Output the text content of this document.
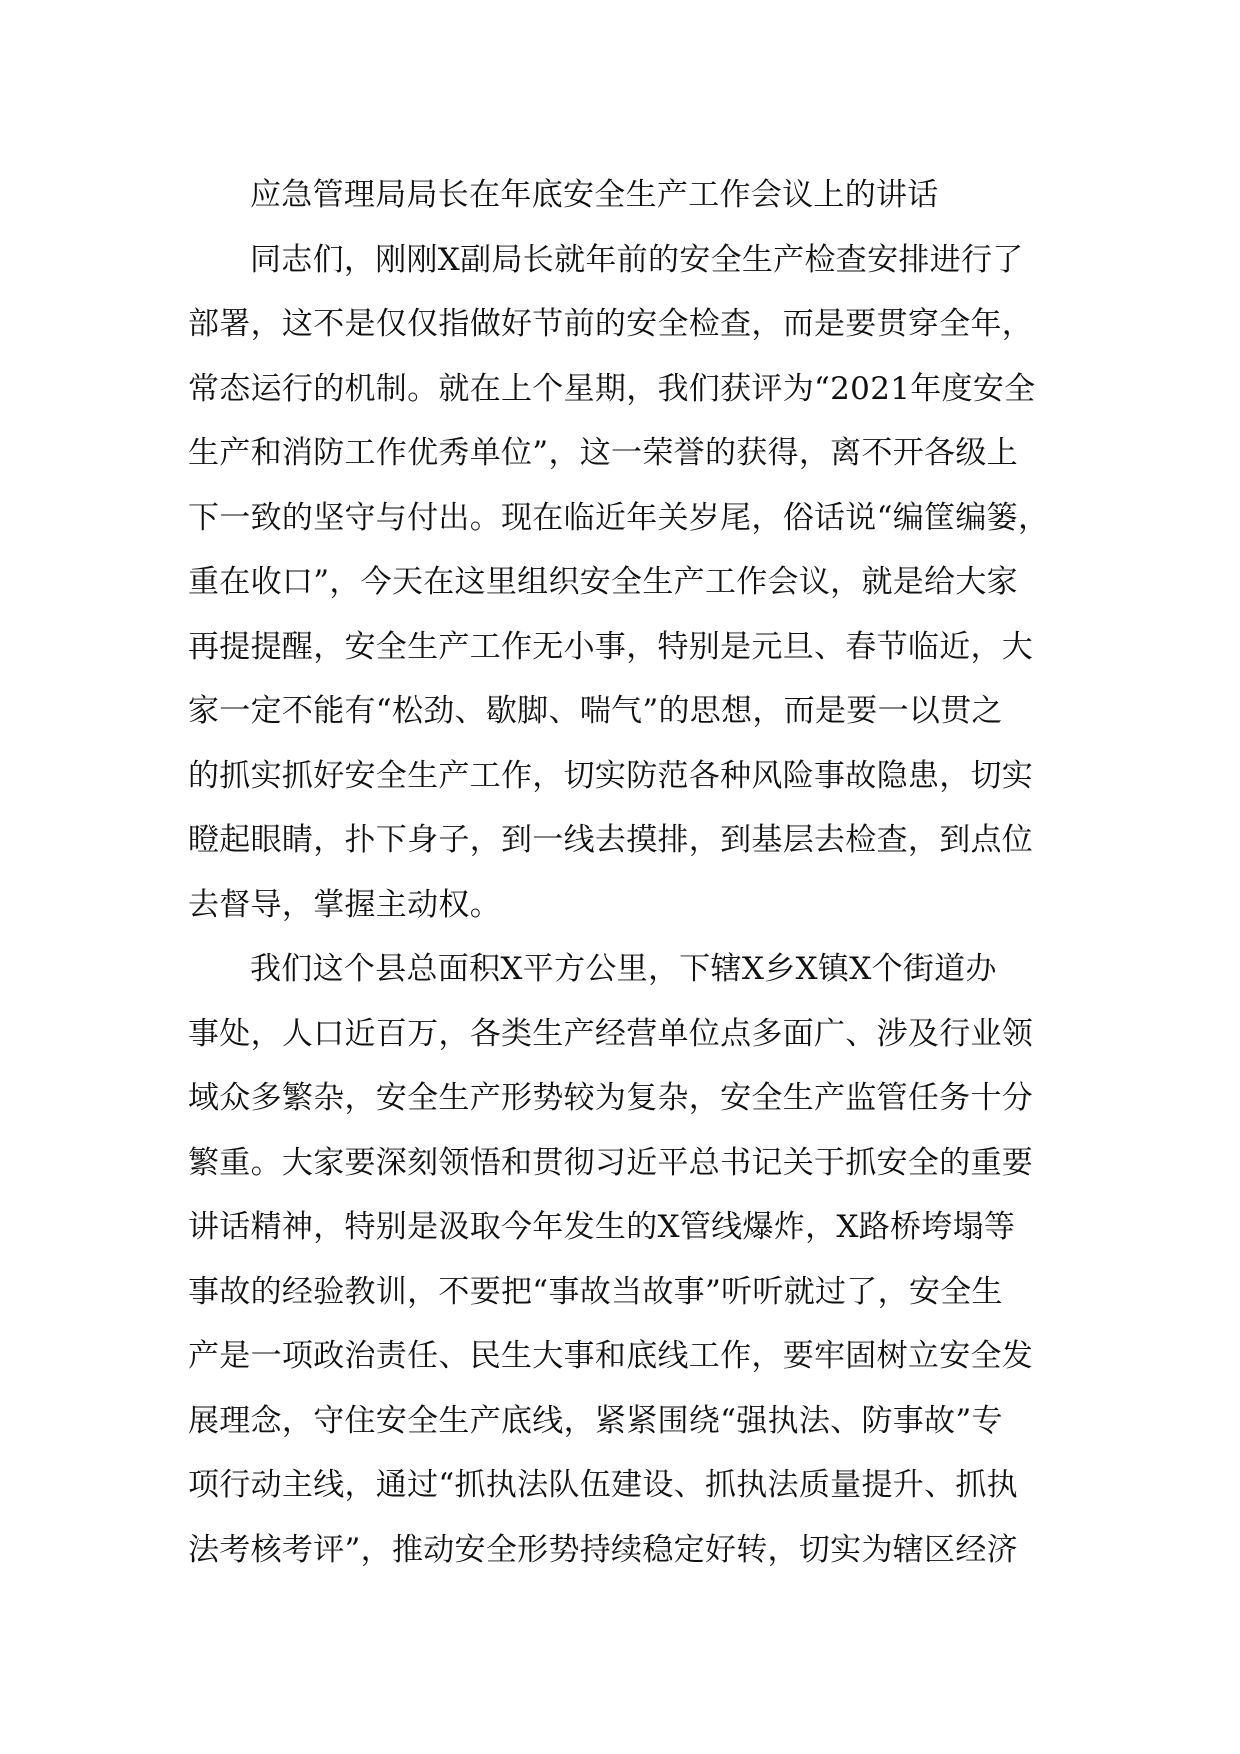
应急管理局局长在年底安全生产工作会议上的讲话

同志们，刚刚X副局长就年前的安全生产检查安排进行了
部署，这不是仅仅指做好节前的安全检查，而是要贯穿全年，
常态运行的机制。就在上个星期，我们获评为“2021年度安全
生产和消防工作优秀单位”，这一荣誉的获得，离不开各级上
下一致的坚守与付出。现在临近年关岁尾，俗话说“编筐编篓，
重在收口”，今天在这里组织安全生产工作会议，就是给大家
再提提醒，安全生产工作无小事，特别是元旦、春节临近，大
家一定不能有“松劲、歇脚、喘气”的思想，而是要一以贯之
的抓实抓好安全生产工作，切实防范各种风险事故隐患，切实
瞪起眼睛，扑下身子，到一线去摸排，到基层去检查，到点位
去督导，掌握主动权。

我们这个县总面积X平方公里，下辖X乡X镇X个街道办
事处，人口近百万，各类生产经营单位点多面广、涉及行业领
域众多繁杂，安全生产形势较为复杂，安全生产监管任务十分
繁重。大家要深刻领悟和贯彻习近平总书记关于抓安全的重要
讲话精神，特别是汲取今年发生的X管线爆炸，X路桥垮塌等
事故的经验教训，不要把“事故当故事”听听就过了，安全生
产是一项政治责任、民生大事和底线工作，要牢固树立安全发
展理念，守住安全生产底线，紧紧围绕“强执法、防事故”专
项行动主线，通过“抓执法队伍建设、抓执法质量提升、抓执
法考核考评”，推动安全形势持续稳定好转，切实为辖区经济
